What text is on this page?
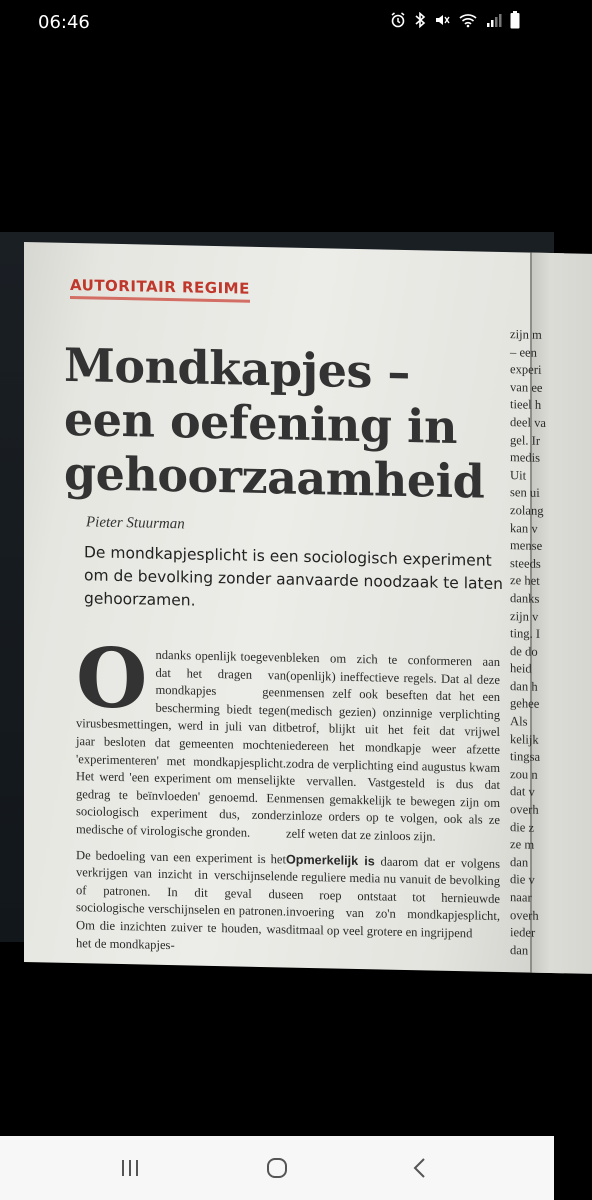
06:46
AUTORITAIR REGIME
Mondkapjes –
een oefening in
gehoorzaamheid
Pieter Stuurman
De mondkapjesplicht is een sociologisch experiment om de bevolking zonder aanvaarde noodzaak te laten gehoorzamen.

Ondanks openlijk toegeven dat het dragen van mondkapjes geen bescherming biedt tegen virusbesmettingen, werd in juli van dit jaar besloten dat gemeenten mochten 'experimenteren' met mondkapjesplicht. Het werd 'een experiment om menselijk gedrag te beïnvloeden' genoemd. Een sociologisch experiment dus, zonder medische of virologische gronden.

De bedoeling van een experiment is het verkrijgen van inzicht in verschijnselen of patronen. In dit geval dus sociologische verschijnselen en patronen. Om die inzichten zuiver te houden, was het de mondkapjes-

bleken om zich te conformeren aan (openlijk) ineffectieve regels. Dat al deze mensen zelf ook beseften dat het een (medisch gezien) onzinnige verplichting betrof, blijkt uit het feit dat vrijwel iedereen het mondkapje weer afzette zodra de verplichting eind augustus kwam te vervallen. Vastgesteld is dus dat mensen gemakkelijk te bewegen zijn om zinloze orders op te volgen, ook als ze zelf weten dat ze zinloos zijn.

Opmerkelijk is daarom dat er volgens de reguliere media nu vanuit de bevolking een roep ontstaat tot hernieuwde invoering van zo'n mondkapjesplicht, ditmaal op veel grotere en ingrijpend

zijn m
– een
experi
van ee
tieel h
deel va
gel. Ir
medis
Uit
sen ui
zolang
kan v
mense
steeds
ze het
danks
zijn v
ting. I
de do
heid
dan h
gehee
Als
kelijk
tingsa
zou n
dat v
overh
die z
ze m
dan
die v
naar
overh
ieder
dan
